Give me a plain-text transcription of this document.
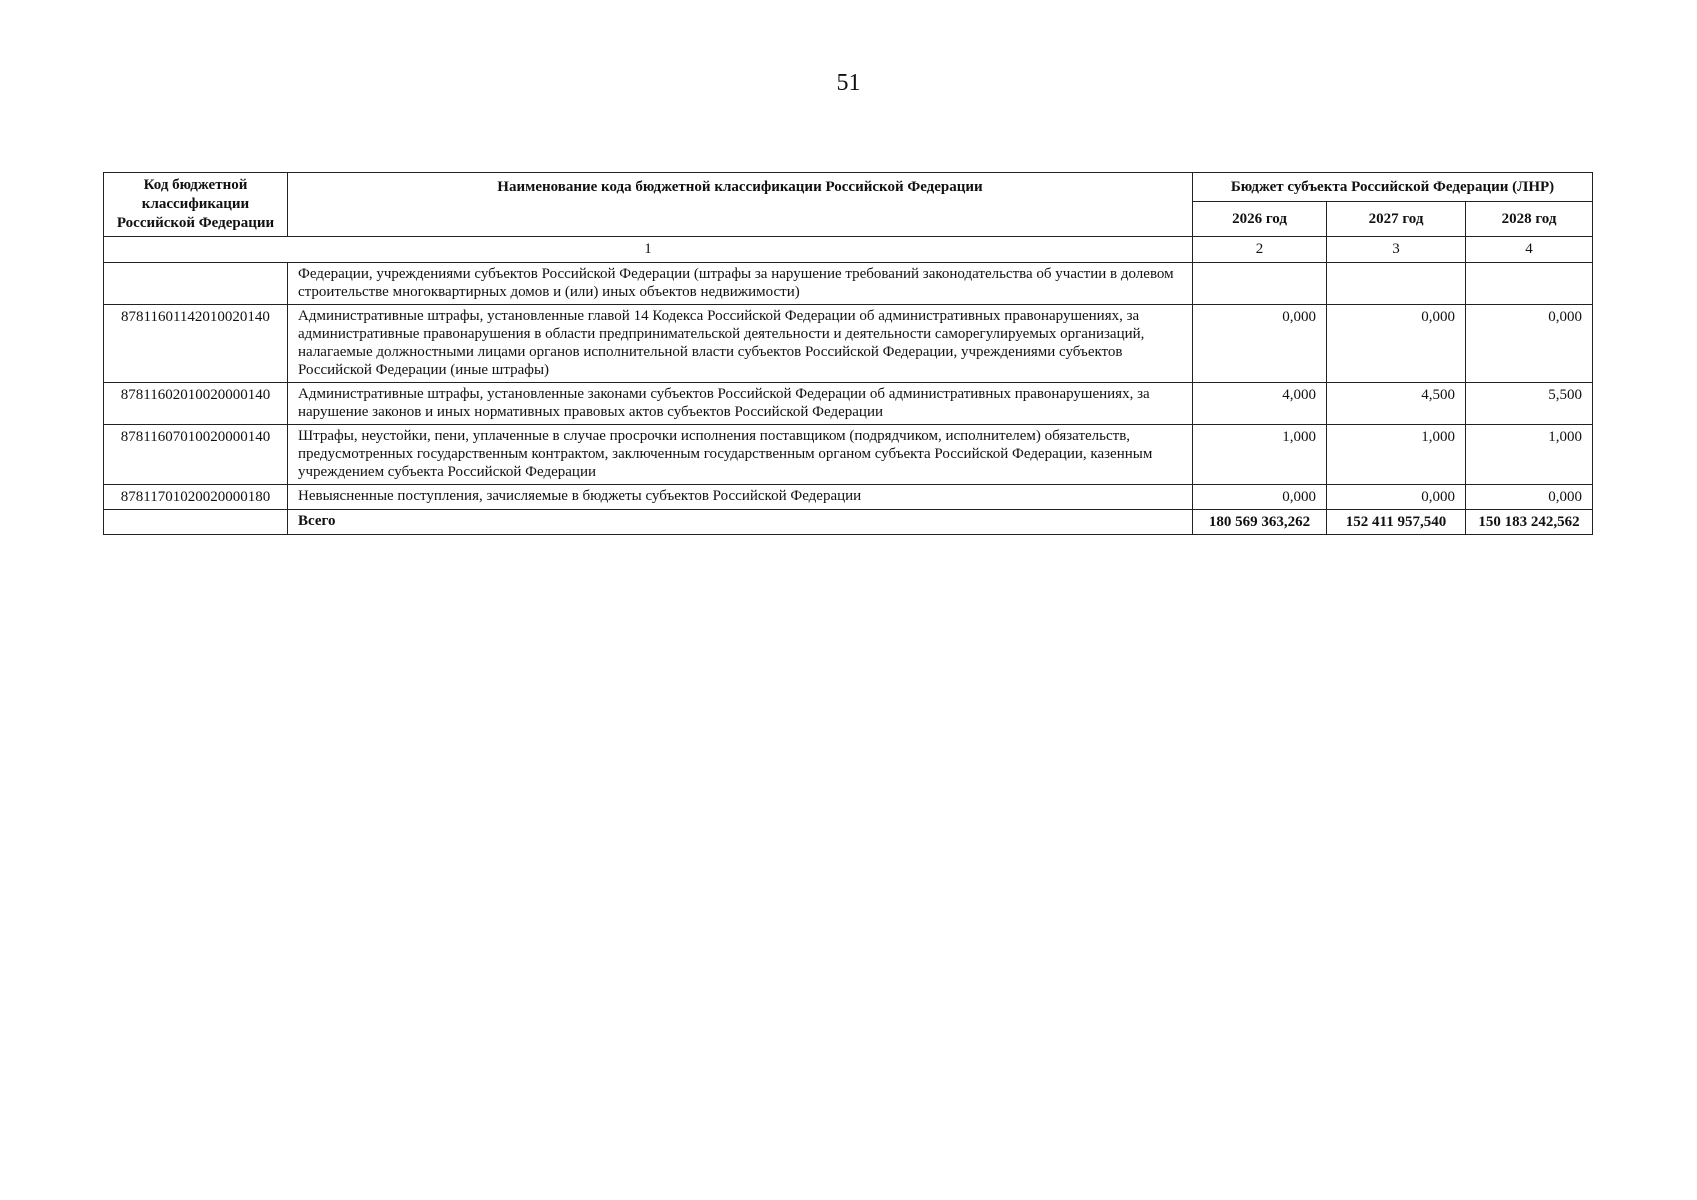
51
Код бюджетной классификации Российской Федерации	Наименование кода бюджетной классификации Российской Федерации	Бюджет субъекта Российской Федерации (ЛНР)		
		2026 год	2027 год	2028 год
1		2	3	4
	Федерации, учреждениями субъектов Российской Федерации (штрафы за нарушение требований законодательства об участии в долевом строительстве многоквартирных домов и (или) иных объектов недвижимости)			
87811601142010020140	Административные штрафы, установленные главой 14 Кодекса Российской Федерации об административных правонарушениях, за административные правонарушения в области предпринимательской деятельности и деятельности саморегулируемых организаций, налагаемые должностными лицами органов исполнительной власти субъектов Российской Федерации, учреждениями субъектов Российской Федерации (иные штрафы)	0,000	0,000	0,000
87811602010020000140	Административные штрафы, установленные законами субъектов Российской Федерации об административных правонарушениях, за нарушение законов и иных нормативных правовых актов субъектов Российской Федерации	4,000	4,500	5,500
87811607010020000140	Штрафы, неустойки, пени, уплаченные в случае просрочки исполнения поставщиком (подрядчиком, исполнителем) обязательств, предусмотренных государственным контрактом, заключенным государственным органом субъекта Российской Федерации, казенным учреждением субъекта Российской Федерации	1,000	1,000	1,000
87811701020020000180	Невыясненные поступления, зачисляемые в бюджеты субъектов Российской Федерации	0,000	0,000	0,000
	Всего	180 569 363,262	152 411 957,540	150 183 242,562
